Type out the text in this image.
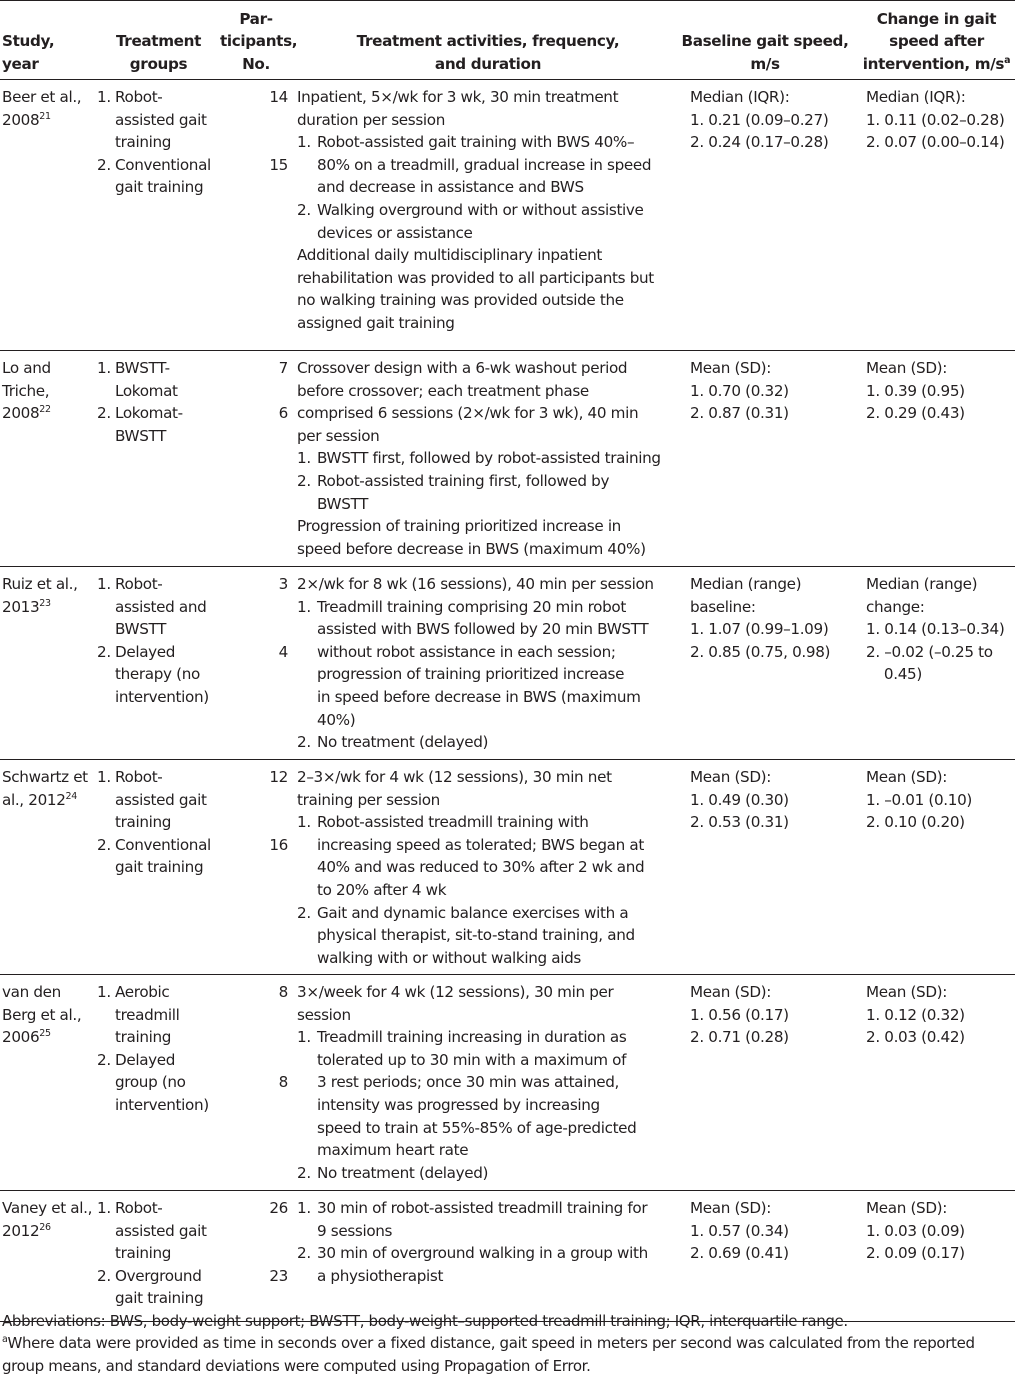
Study, year
Treatment
groups
Par-
ticipants,
No.
Treatment activities, frequency,
and duration
Baseline gait speed,
m/s
Change in gait
speed after
intervention, $m/s^a$
Beer et al.,
2008$^{21}$
1. Robot-
assisted gait
training
2. Conventional
gait training
14
15
Inpatient, 5×/wk for 3 wk, 30 min treatment
duration per session
1. Robot-assisted gait training with BWS 40%–
80% on a treadmill, gradual increase in speed
and decrease in assistance and BWS
2. Walking overground with or without assistive
devices or assistance
Additional daily multidisciplinary inpatient
rehabilitation was provided to all participants but
no walking training was provided outside the
assigned gait training
Median (IQR):
1. 0.21 (0.09–0.27)
2. 0.24 (0.17–0.28)
Median (IQR):
1. 0.11 (0.02–0.28)
2. 0.07 (0.00–0.14)
Lo and
Triche,
2008$^{22}$
1. BWSTT-
Lokomat
2. Lokomat-
BWSTT
7
6
Crossover design with a 6-wk washout period
before crossover; each treatment phase
comprised 6 sessions (2×/wk for 3 wk), 40 min
per session
1. BWSTT first, followed by robot-assisted training
2. Robot-assisted training first, followed by
BWSTT
Progression of training prioritized increase in
speed before decrease in BWS (maximum 40%)
Mean (SD):
1. 0.70 (0.32)
2. 0.87 (0.31)
Mean (SD):
1. 0.39 (0.95)
2. 0.29 (0.43)
Ruiz et al.,
2013$^{23}$
1. Robot-
assisted and
BWSTT
2. Delayed
therapy (no
intervention)
3
4
2×/wk for 8 wk (16 sessions), 40 min per session
1. Treadmill training comprising 20 min robot
assisted with BWS followed by 20 min BWSTT
without robot assistance in each session;
progression of training prioritized increase
in speed before decrease in BWS (maximum
40%)
2. No treatment (delayed)
Median (range)
baseline:
1. 1.07 (0.99–1.09)
2. 0.85 (0.75, 0.98)
Median (range)
change:
1. 0.14 (0.13–0.34)
2. –0.02 (–0.25 to
0.45)
Schwartz et
al., 2012$^{24}$
1. Robot-
assisted gait
training
2. Conventional
gait training
12
16
2–3×/wk for 4 wk (12 sessions), 30 min net
training per session
1. Robot-assisted treadmill training with
increasing speed as tolerated; BWS began at
40% and was reduced to 30% after 2 wk and
to 20% after 4 wk
2. Gait and dynamic balance exercises with a
physical therapist, sit-to-stand training, and
walking with or without walking aids
Mean (SD):
1. 0.49 (0.30)
2. 0.53 (0.31)
Mean (SD):
1. –0.01 (0.10)
2. 0.10 (0.20)
van den
Berg et al.,
2006$^{25}$
1. Aerobic
treadmill
training
2. Delayed
group (no
intervention)
8
8
3×/week for 4 wk (12 sessions), 30 min per
session
1. Treadmill training increasing in duration as
tolerated up to 30 min with a maximum of
3 rest periods; once 30 min was attained,
intensity was progressed by increasing
speed to train at 55%-85% of age-predicted
maximum heart rate
2. No treatment (delayed)
Mean (SD):
1. 0.56 (0.17)
2. 0.71 (0.28)
Mean (SD):
1. 0.12 (0.32)
2. 0.03 (0.42)
Vaney et al.,
2012$^{26}$
1. Robot-
assisted gait
training
2. Overground
gait training
26
23
1. 30 min of robot-assisted treadmill training for
9 sessions
2. 30 min of overground walking in a group with
a physiotherapist
Mean (SD):
1. 0.57 (0.34)
2. 0.69 (0.41)
Mean (SD):
1. 0.03 (0.09)
2. 0.09 (0.17)
Abbreviations: BWS, body-weight support; BWSTT, body-weight–supported treadmill training; IQR, interquartile range.
$^a$Where data were provided as time in seconds over a fixed distance, gait speed in meters per second was calculated from the reported
group means, and standard deviations were computed using Propagation of Error.
